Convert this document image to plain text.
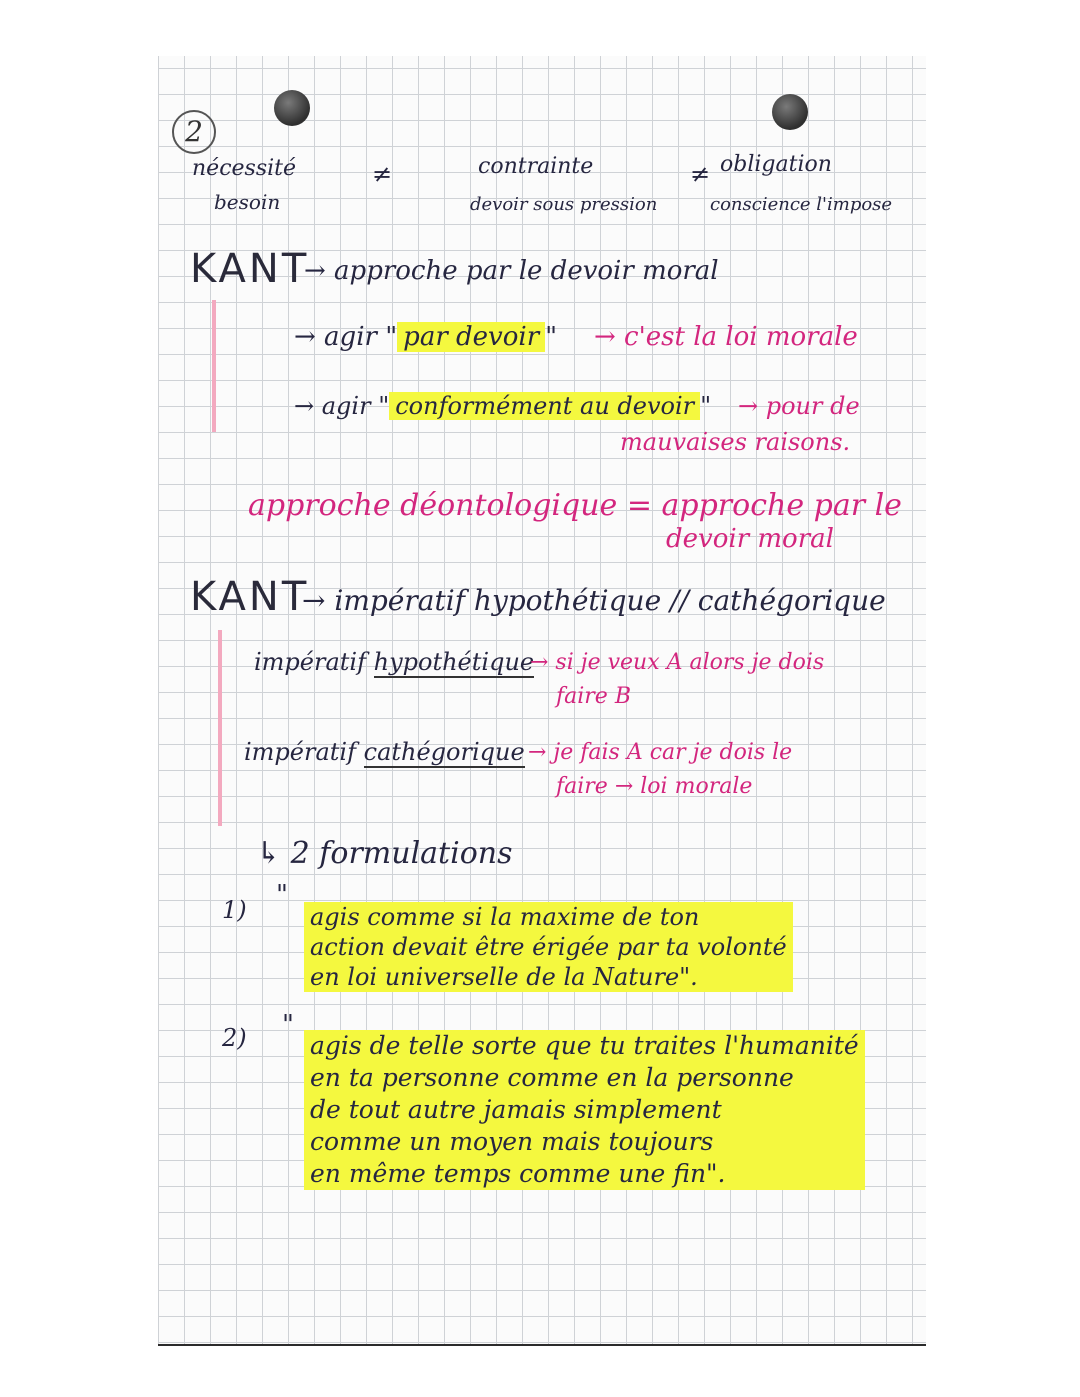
2
nécessité
besoin
≠	contrainte
devoir sous pression
≠ obligation
conscience l'impose
KANT
→ approche par le devoir moral
→ agir " par devoir " → c'est la loi morale
→ agir " conformément au devoir " → pour de
mauvaises raisons.
approche déontologique = approche par le
devoir moral
KANT
→ impératif hypothétique // cathégorique
impératif hypothétique
→ si je veux A alors je dois
faire B
impératif cathégorique → je fais A car je dois le
faire → loi morale
↳ 2 formulations
1) "
agis comme si la maxime de ton
action devait être érigée par ta volonté
en loi universelle de la Nature".
2) "
agis de telle sorte que tu traites l'humanité
en ta personne comme en la personne
de tout autre jamais simplement
comme un moyen mais toujours
en même temps comme une fin".
